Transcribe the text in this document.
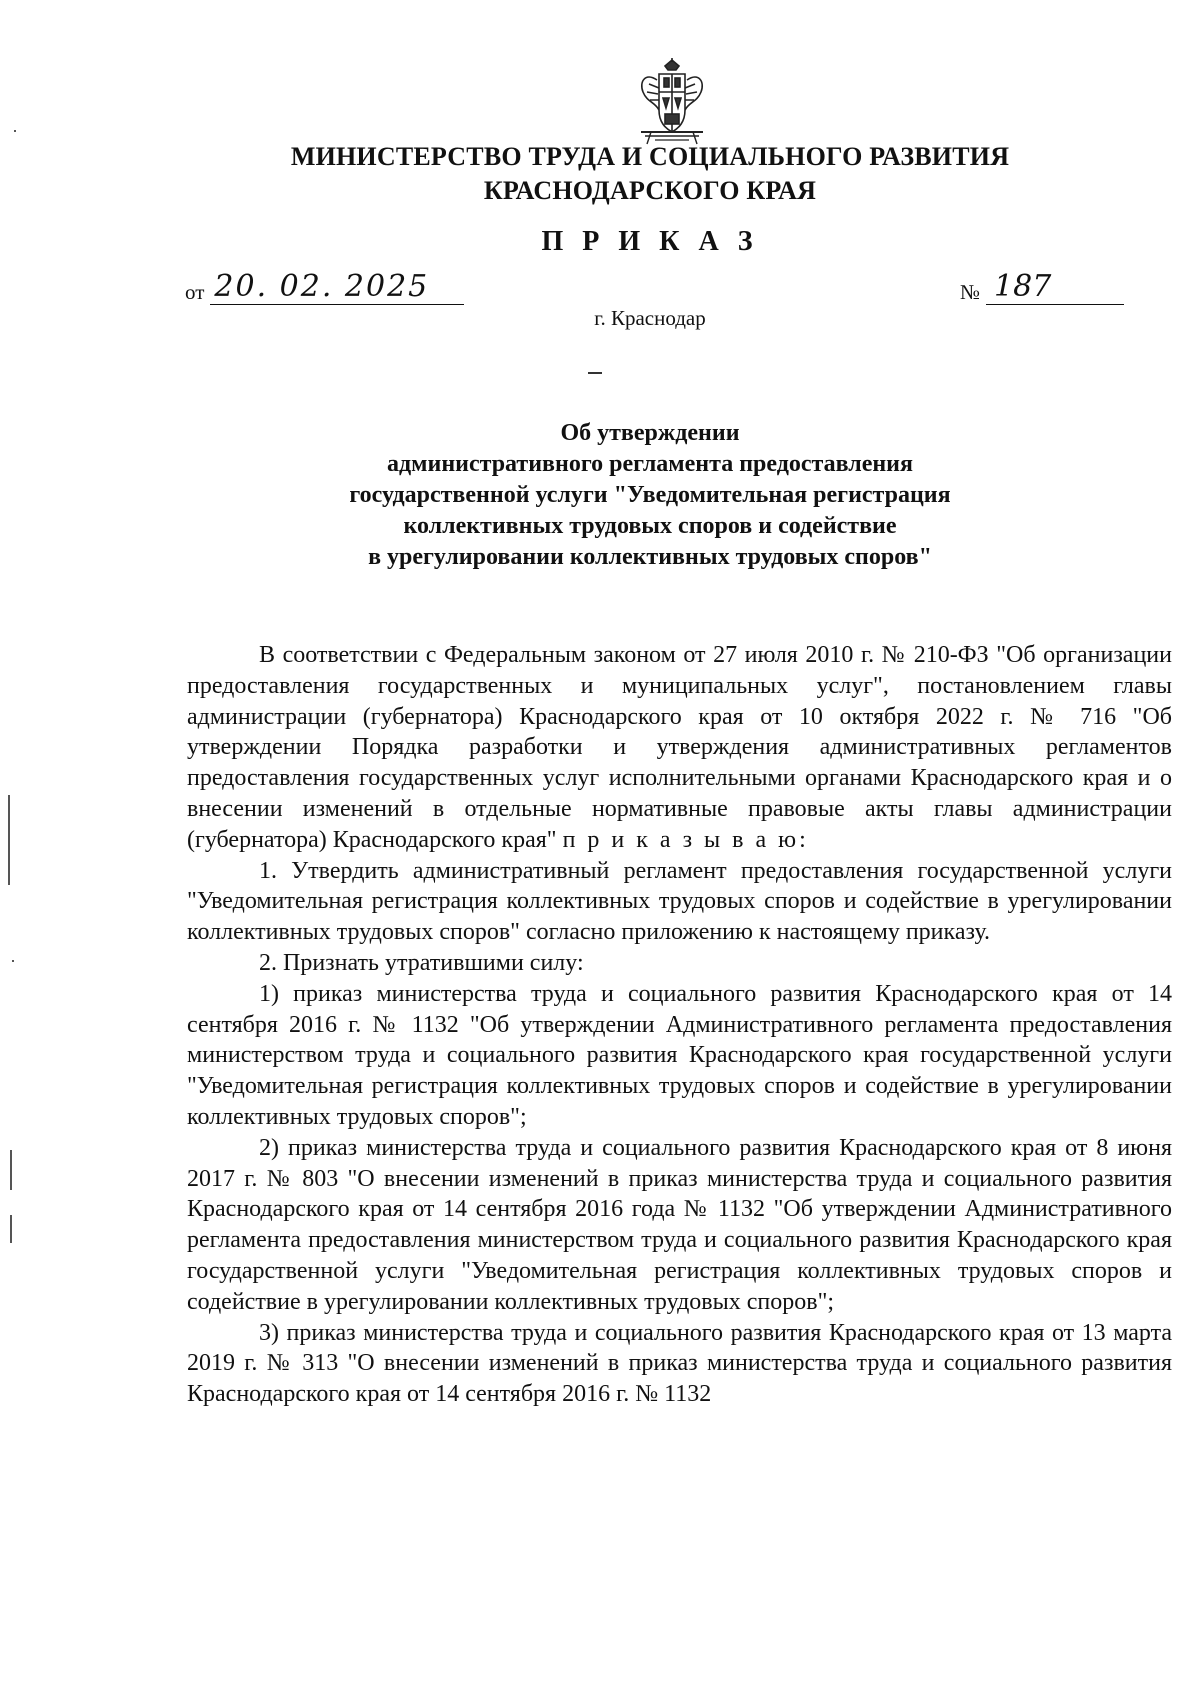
МИНИСТЕРСТВО ТРУДА И СОЦИАЛЬНОГО РАЗВИТИЯ
КРАСНОДАРСКОГО КРАЯ
П Р И К А З
от 20. 02. 2025	№ 187
г. Краснодар
Об утверждении
административного регламента предоставления
государственной услуги "Уведомительная регистрация
коллективных трудовых споров и содействие
в урегулировании коллективных трудовых споров"

В соответствии с Федеральным законом от 27 июля 2010 г. № 210-ФЗ "Об организации предоставления государственных и муниципальных услуг", постановлением главы администрации (губернатора) Краснодарского края от 10 октября 2022 г. № 716 "Об утверждении Порядка разработки и утверждения административных регламентов предоставления государственных услуг исполнительными органами Краснодарского края и о внесении изменений в отдельные нормативные правовые акты главы администрации (губернатора) Краснодарского края" п р и к а з ы в а ю:

1. Утвердить административный регламент предоставления государственной услуги "Уведомительная регистрация коллективных трудовых споров и содействие в урегулировании коллективных трудовых споров" согласно приложению к настоящему приказу.

2. Признать утратившими силу:

1) приказ министерства труда и социального развития Краснодарского края от 14 сентября 2016 г. № 1132 "Об утверждении Административного регламента предоставления министерством труда и социального развития Краснодарского края государственной услуги "Уведомительная регистрация коллективных трудовых споров и содействие в урегулировании коллективных трудовых споров";

2) приказ министерства труда и социального развития Краснодарского края от 8 июня 2017 г. № 803 "О внесении изменений в приказ министерства труда и социального развития Краснодарского края от 14 сентября 2016 года № 1132 "Об утверждении Административного регламента предоставления министерством труда и социального развития Краснодарского края государственной услуги "Уведомительная регистрация коллективных трудовых споров и содействие в урегулировании коллективных трудовых споров";

3) приказ министерства труда и социального развития Краснодарского края от 13 марта 2019 г. № 313 "О внесении изменений в приказ министерства труда и социального развития Краснодарского края от 14 сентября 2016 г. № 1132
